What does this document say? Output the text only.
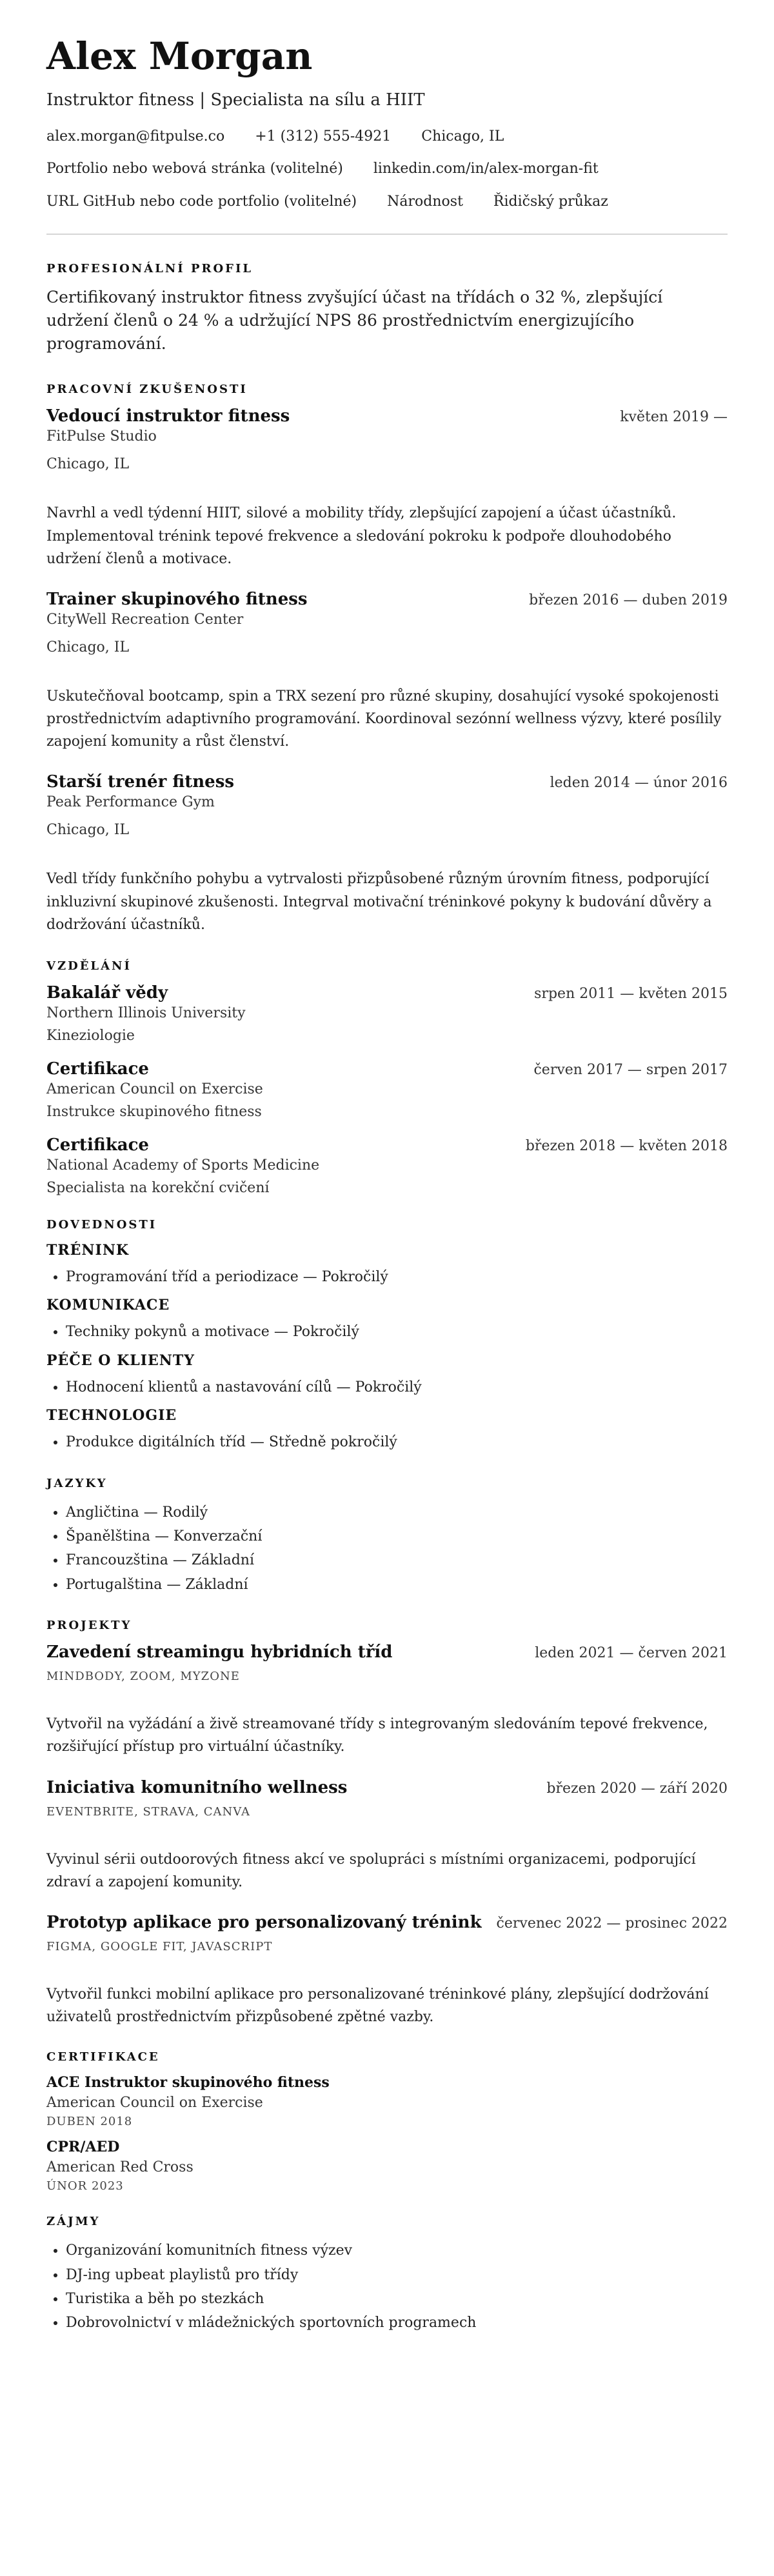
Alex Morgan
Instruktor fitness | Specialista na sílu a HIIT
alex.morgan@fitpulse.co +1 (312) 555-4921 Chicago, IL
Portfolio nebo webová stránka (volitelné) linkedin.com/in/alex-morgan-fit
URL GitHub nebo code portfolio (volitelné) Národnost Řidičský průkaz
PROFESIONÁLNÍ PROFIL

Certifikovaný instruktor fitness zvyšující účast na třídách o 32 %, zlepšující udržení členů o 24 % a udržující NPS 86 prostřednictvím energizujícího programování.

PRACOVNÍ ZKUŠENOSTI
Vedoucí instruktor fitness	květen 2019 —
FitPulse Studio
Chicago, IL
Navrhl a vedl týdenní HIIT, silové a mobility třídy, zlepšující zapojení a účast účastníků. Implementoval trénink tepové frekvence a sledování pokroku k podpoře dlouhodobého udržení členů a motivace.
Trainer skupinového fitness	březen 2016 — duben 2019
CityWell Recreation Center
Chicago, IL
Uskutečňoval bootcamp, spin a TRX sezení pro různé skupiny, dosahující vysoké spokojenosti prostřednictvím adaptivního programování. Koordinoval sezónní wellness výzvy, které posílily zapojení komunity a růst členství.
Starší trenér fitness	leden 2014 — únor 2016
Peak Performance Gym
Chicago, IL
Vedl třídy funkčního pohybu a vytrvalosti přizpůsobené různým úrovním fitness, podporující inkluzivní skupinové zkušenosti. Integrval motivační tréninkové pokyny k budování důvěry a dodržování účastníků.
VZDĚLÁNÍ
Bakalář vědy	srpen 2011 — květen 2015
Northern Illinois University
Kineziologie
Certifikace	červen 2017 — srpen 2017
American Council on Exercise
Instrukce skupinového fitness
Certifikace	březen 2018 — květen 2018
National Academy of Sports Medicine
Specialista na korekční cvičení
DOVEDNOSTI
TRÉNINK
• Programování tříd a periodizace — Pokročilý
KOMUNIKACE
• Techniky pokynů a motivace — Pokročilý
PÉČE O KLIENTY
• Hodnocení klientů a nastavování cílů — Pokročilý
TECHNOLOGIE
• Produkce digitálních tříd — Středně pokročilý
JAZYKY
• Angličtina — Rodilý
• Španělština — Konverzační
• Francouzština — Základní
• Portugalština — Základní
PROJEKTY
Zavedení streamingu hybridních tříd	leden 2021 — červen 2021
MINDBODY, ZOOM, MYZONE
Vytvořil na vyžádání a živě streamované třídy s integrovaným sledováním tepové frekvence, rozšiřující přístup pro virtuální účastníky.
Iniciativa komunitního wellness	březen 2020 — září 2020
EVENTBRITE, STRAVA, CANVA
Vyvinul sérii outdoorových fitness akcí ve spolupráci s místními organizacemi, podporující zdraví a zapojení komunity.
Prototyp aplikace pro personalizovaný trénink červenec 2022 — prosinec 2022
FIGMA, GOOGLE FIT, JAVASCRIPT
Vytvořil funkci mobilní aplikace pro personalizované tréninkové plány, zlepšující dodržování uživatelů prostřednictvím přizpůsobené zpětné vazby.
CERTIFIKACE
ACE Instruktor skupinového fitness
American Council on Exercise
DUBEN 2018
CPR/AED
American Red Cross
ÚNOR 2023
ZÁJMY
• Organizování komunitních fitness výzev
• DJ-ing upbeat playlistů pro třídy
• Turistika a běh po stezkách
• Dobrovolnictví v mládežnických sportovních programech
